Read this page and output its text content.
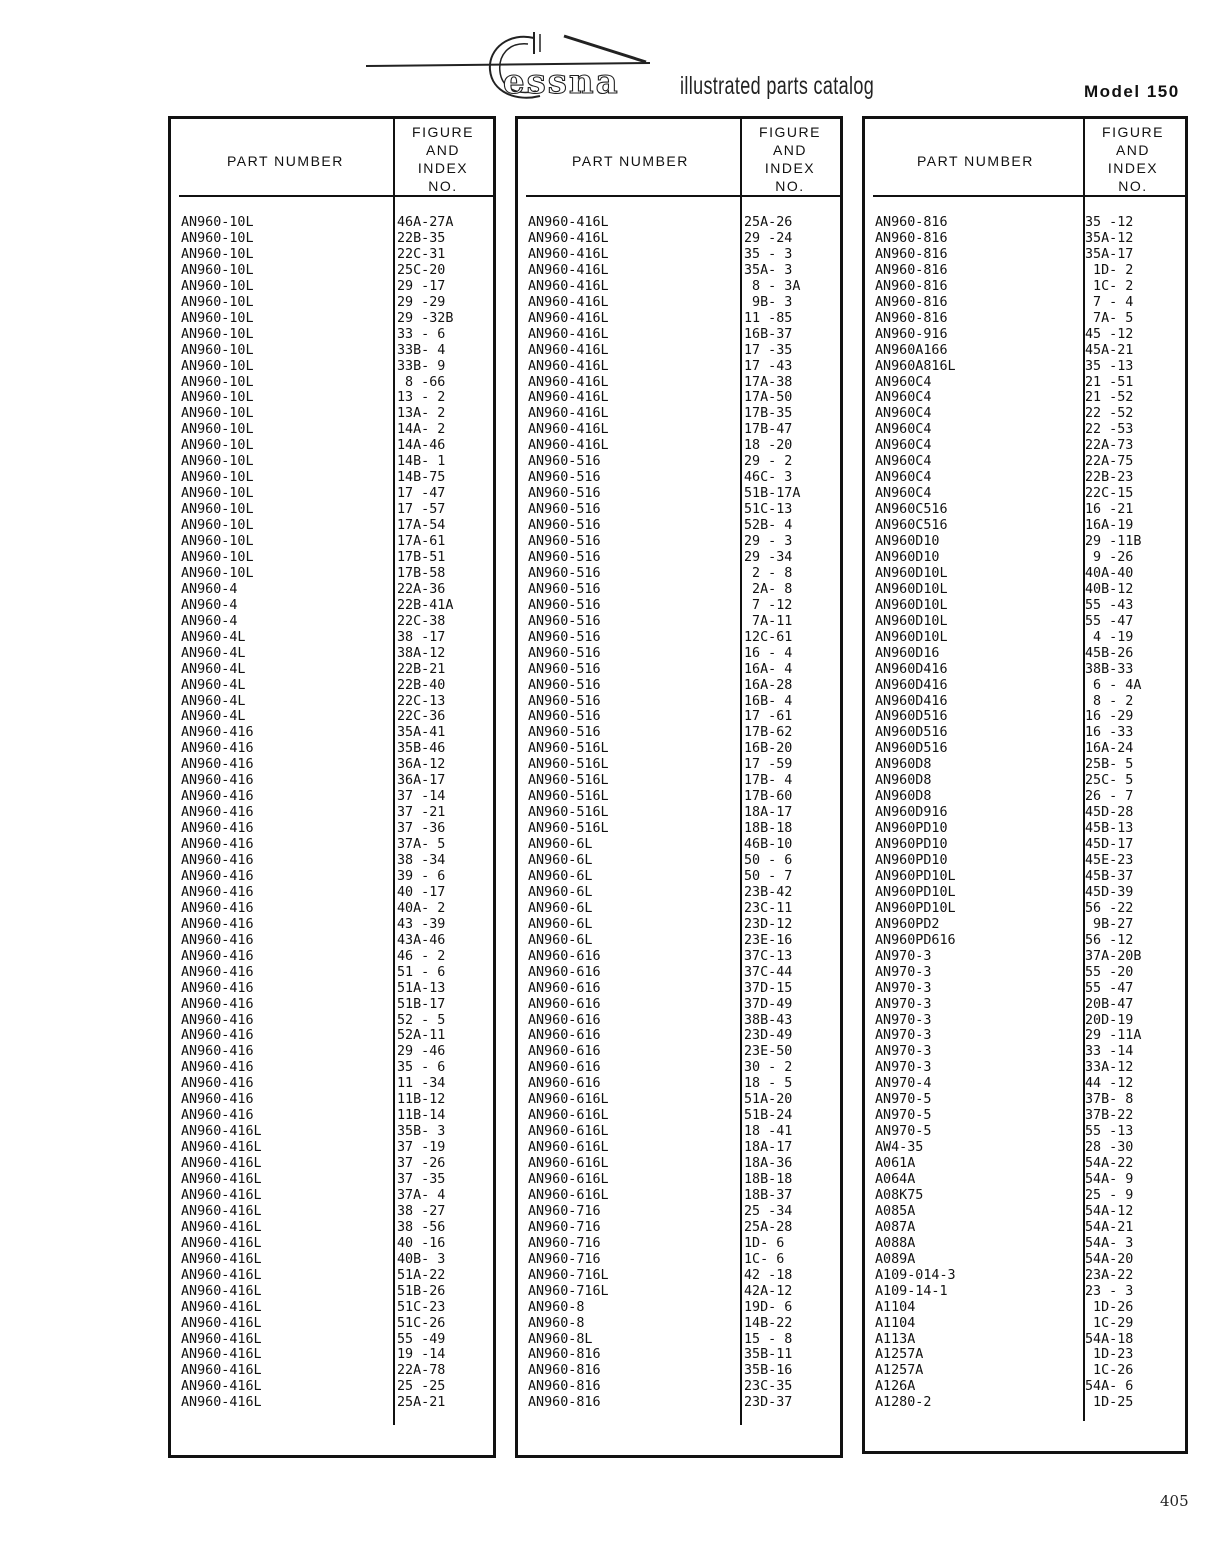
essna illustrated parts catalog	Model 150
PART NUMBER
FIGURE
AND
INDEX
NO.
AN960-10L	46A-27A
AN960-10L	22B-35
AN960-10L	22C-31
AN960-10L	25C-20
AN960-10L	29 -17
AN960-10L	29 -29
AN960-10L	29 -32B
AN960-10L	33 - 6
AN960-10L	33B- 4
AN960-10L	33B- 9
AN960-10L	8 -66
AN960-10L	13 - 2
AN960-10L	13A- 2
AN960-10L	14A- 2
AN960-10L	14A-46
AN960-10L	14B- 1
AN960-10L	14B-75
AN960-10L	17 -47
AN960-10L	17 -57
AN960-10L	17A-54
AN960-10L	17A-61
AN960-10L	17B-51
AN960-10L	17B-58
AN960-4	22A-36
AN960-4	22B-41A
AN960-4	22C-38
AN960-4L	38 -17
AN960-4L	38A-12
AN960-4L	22B-21
AN960-4L	22B-40
AN960-4L	22C-13
AN960-4L	22C-36
AN960-416	35A-41
AN960-416	35B-46
AN960-416	36A-12
AN960-416	36A-17
AN960-416	37 -14
AN960-416	37 -21
AN960-416	37 -36
AN960-416	37A- 5
AN960-416	38 -34
AN960-416	39 - 6
AN960-416	40 -17
AN960-416	40A- 2
AN960-416	43 -39
AN960-416	43A-46
AN960-416	46 - 2
AN960-416	51 - 6
AN960-416	51A-13
AN960-416	51B-17
AN960-416	52 - 5
AN960-416	52A-11
AN960-416	29 -46
AN960-416	35 - 6
AN960-416	11 -34
AN960-416	11B-12
AN960-416	11B-14
AN960-416L	35B- 3
AN960-416L	37 -19
AN960-416L	37 -26
AN960-416L	37 -35
AN960-416L	37A- 4
AN960-416L	38 -27
AN960-416L	38 -56
AN960-416L	40 -16
AN960-416L	40B- 3
AN960-416L	51A-22
AN960-416L	51B-26
AN960-416L	51C-23
AN960-416L	51C-26
AN960-416L	55 -49
AN960-416L	19 -14
AN960-416L	22A-78
AN960-416L	25 -25
AN960-416L	25A-21
PART NUMBER
FIGURE
AND
INDEX
NO.
AN960-416L	25A-26
AN960-416L	29 -24
AN960-416L	35 - 3
AN960-416L	35A- 3
AN960-416L	8 - 3A
AN960-416L	9B- 3
AN960-416L	11 -85
AN960-416L	16B-37
AN960-416L	17 -35
AN960-416L	17 -43
AN960-416L	17A-38
AN960-416L	17A-50
AN960-416L	17B-35
AN960-416L	17B-47
AN960-416L	18 -20
AN960-516	29 - 2
AN960-516	46C- 3
AN960-516	51B-17A
AN960-516	51C-13
AN960-516	52B- 4
AN960-516	29 - 3
AN960-516	29 -34
AN960-516	2 - 8
AN960-516	2A- 8
AN960-516	7 -12
AN960-516	7A-11
AN960-516	12C-61
AN960-516	16 - 4
AN960-516	16A- 4
AN960-516	16A-28
AN960-516	16B- 4
AN960-516	17 -61
AN960-516	17B-62
AN960-516L	16B-20
AN960-516L	17 -59
AN960-516L	17B- 4
AN960-516L	17B-60
AN960-516L	18A-17
AN960-516L	18B-18
AN960-6L	46B-10
AN960-6L	50 - 6
AN960-6L	50 - 7
AN960-6L	23B-42
AN960-6L	23C-11
AN960-6L	23D-12
AN960-6L	23E-16
AN960-616	37C-13
AN960-616	37C-44
AN960-616	37D-15
AN960-616	37D-49
AN960-616	38B-43
AN960-616	23D-49
AN960-616	23E-50
AN960-616	30 - 2
AN960-616	18 - 5
AN960-616L	51A-20
AN960-616L	51B-24
AN960-616L	18 -41
AN960-616L	18A-17
AN960-616L	18A-36
AN960-616L	18B-18
AN960-616L	18B-37
AN960-716	25 -34
AN960-716	25A-28
AN960-716	1D- 6
AN960-716	1C- 6
AN960-716L	42 -18
AN960-716L	42A-12
AN960-8	19D- 6
AN960-8	14B-22
AN960-8L	15 - 8
AN960-816	35B-11
AN960-816	35B-16
AN960-816	23C-35
AN960-816	23D-37
PART NUMBER
FIGURE
AND
INDEX
NO.
AN960-816	35 -12
AN960-816	35A-12
AN960-816	35A-17
AN960-816	1D- 2
AN960-816	1C- 2
AN960-816	7 - 4
AN960-816	7A- 5
AN960-916	45 -12
AN960A166	45A-21
AN960A816L	35 -13
AN960C4	21 -51
AN960C4	21 -52
AN960C4	22 -52
AN960C4	22 -53
AN960C4	22A-73
AN960C4	22A-75
AN960C4	22B-23
AN960C4	22C-15
AN960C516	16 -21
AN960C516	16A-19
AN960D10	29 -11B
AN960D10	9 -26
AN960D10L	40A-40
AN960D10L	40B-12
AN960D10L	55 -43
AN960D10L	55 -47
AN960D10L	4 -19
AN960D16	45B-26
AN960D416	38B-33
AN960D416	6 - 4A
AN960D416	8 - 2
AN960D516	16 -29
AN960D516	16 -33
AN960D516	16A-24
AN960D8	25B- 5
AN960D8	25C- 5
AN960D8	26 - 7
AN960D916	45D-28
AN960PD10	45B-13
AN960PD10	45D-17
AN960PD10	45E-23
AN960PD10L	45B-37
AN960PD10L	45D-39
AN960PD10L	56 -22
AN960PD2	9B-27
AN960PD616	56 -12
AN970-3	37A-20B
AN970-3	55 -20
AN970-3	55 -47
AN970-3	20B-47
AN970-3	20D-19
AN970-3	29 -11A
AN970-3	33 -14
AN970-3	33A-12
AN970-4	44 -12
AN970-5	37B- 8
AN970-5	37B-22
AN970-5	55 -13
AW4-35	28 -30
A061A	54A-22
A064A	54A- 9
A08K75	25 - 9
A085A	54A-12
A087A	54A-21
A088A	54A- 3
A089A	54A-20
A109-014-3	23A-22
A109-14-1	23 - 3
A1104	1D-26
A1104	1C-29
A113A	54A-18
A1257A	1D-23
A1257A	1C-26
A126A	54A- 6
A1280-2	1D-25
405
